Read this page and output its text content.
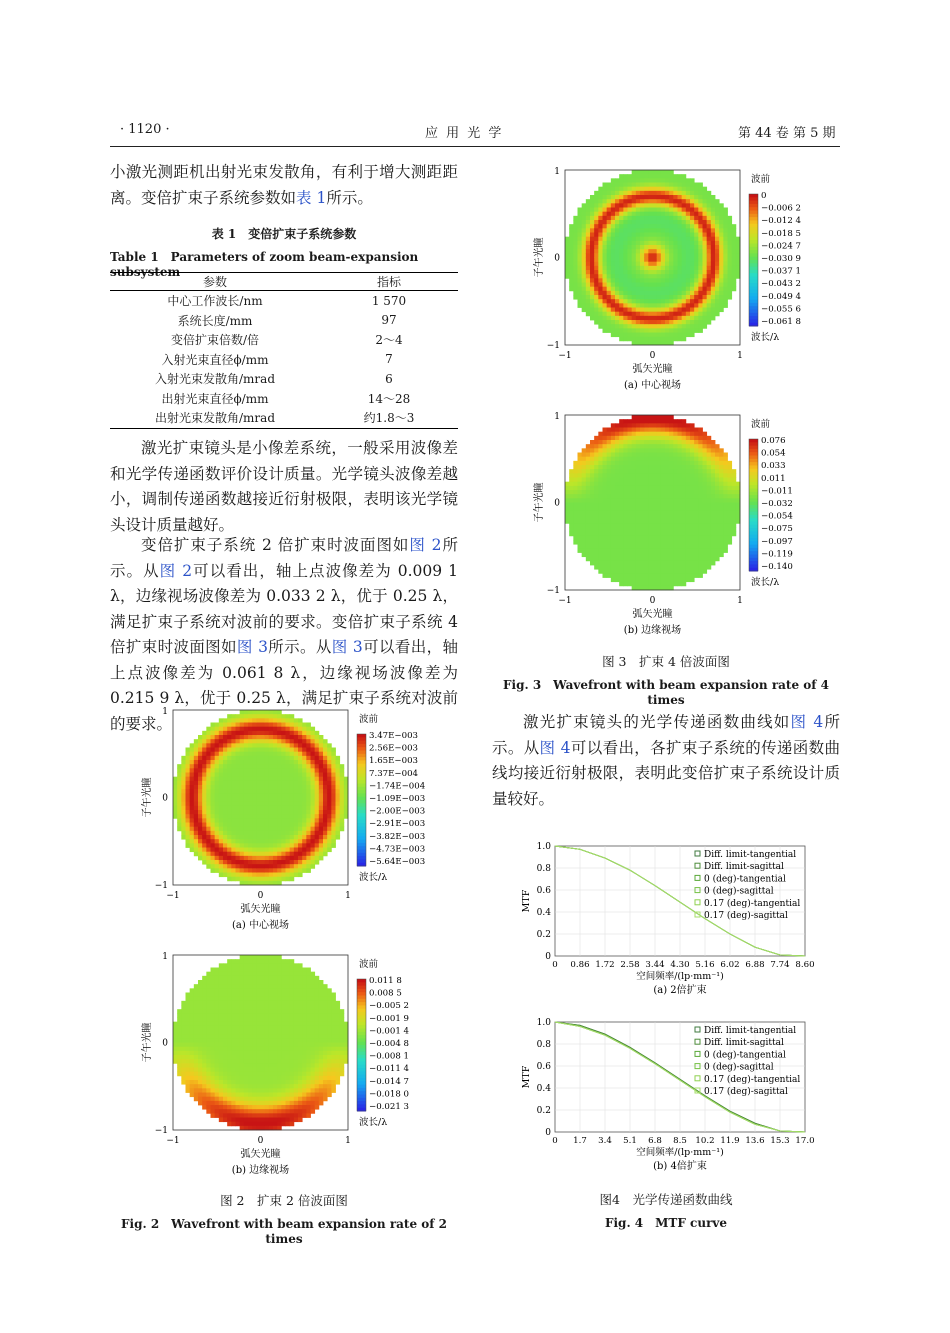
· 1120 ·	应 用 光 学	第 44 卷 第 5 期

小激光测距机出射光束发散角，有利于增大测距距离。变倍扩束子系统参数如表 1所示。

表 1　变倍扩束子系统参数
Table 1　Parameters of zoom beam-expansion subsystem
参数	指标
中心工作波长/nm	1 570
系统长度/mm	97
变倍扩束倍数/倍	2～4
入射光束直径ϕ/mm	7
入射光束发散角/mrad	6
出射光束直径ϕ/mm	14～28
出射光束发散角/mrad	约1.8～3

激光扩束镜头是小像差系统，一般采用波像差和光学传递函数评价设计质量。光学镜头波像差越小，调制传递函数越接近衍射极限，表明该光学镜头设计质量越好。

变倍扩束子系统 2 倍扩束时波面图如图 2所示。从图 2可以看出，轴上点波像差为 0.009 1 λ，边缘视场波像差为 0.033 2 λ，优于 0.25 λ，满足扩束子系统对波前的要求。变倍扩束子系统 4 倍扩束时波面图如图 3所示。从图 3可以看出，轴上点波像差为 0.061 8 λ，边缘视场波像差为 0.215 9 λ，优于 0.25 λ，满足扩束子系统对波前的要求。	激光扩束镜头的光学传递函数曲线如图 4所示。从图 4可以看出，各扩束子系统的传递函数曲线均接近衍射极限，表明此变倍扩束子系统设计质量较好。

1
0
−1
−1	0	1
子午光瞳
弧矢光瞳
(a) 中心视场
波前
0
−0.006 2
−0.012 4
−0.018 5
−0.024 7
−0.030 9
−0.037 1
−0.043 2
−0.049 4
−0.055 6
−0.061 8
波长/λ
1
0
−1
−1	0	1
子午光瞳
弧矢光瞳
(b) 边缘视场
波前
0.076
0.054
0.033
0.011
−0.011
−0.032
−0.054
−0.075
−0.097
−0.119
−0.140
波长/λ
1
0
−1
−1	0	1
子午光瞳
弧矢光瞳
(a) 中心视场
波前
3.47E−003
2.56E−003
1.65E−003
7.37E−004
−1.74E−004
−1.09E−003
−2.00E−003
−2.91E−003
−3.82E−003
−4.73E−003
−5.64E−003
波长/λ
1
0
−1
−1	0	1
子午光瞳
弧矢光瞳
(b) 边缘视场
波前
0.011 8
0.008 5
−0.005 2
−0.001 9
−0.001 4
−0.004 8
−0.008 1
−0.011 4
−0.014 7
−0.018 0
−0.021 3
波长/λ
图 3　扩束 4 倍波面图
Fig. 3　Wavefront with beam expansion rate of 4 times
图 2　扩束 2 倍波面图
Fig. 2　Wavefront with beam expansion rate of 2 times
图4　光学传递函数曲线
Fig. 4　MTF curve
0
0.2
0.4
0.6
0.8
1.0
0 0.86 1.72 2.58 3.44 4.30 5.16 6.02 6.88 7.74 8.60
空间频率/(lp·mm⁻¹)
(a) 2倍扩束
MTF
Diff. limit-tangential
Diff. limit-sagittal
0 (deg)-tangential
0 (deg)-sagittal
0.17 (deg)-tangential
0.17 (deg)-sagittal
0
0.2
0.4
0.6
0.8
1.0
0 1.7 3.4 5.1 6.8 8.5 10.2 11.9 13.6 15.3 17.0
空间频率/(lp·mm⁻¹)
(b) 4倍扩束
MTF
Diff. limit-tangential
Diff. limit-sagittal
0 (deg)-tangential
0 (deg)-sagittal
0.17 (deg)-tangential
0.17 (deg)-sagittal
